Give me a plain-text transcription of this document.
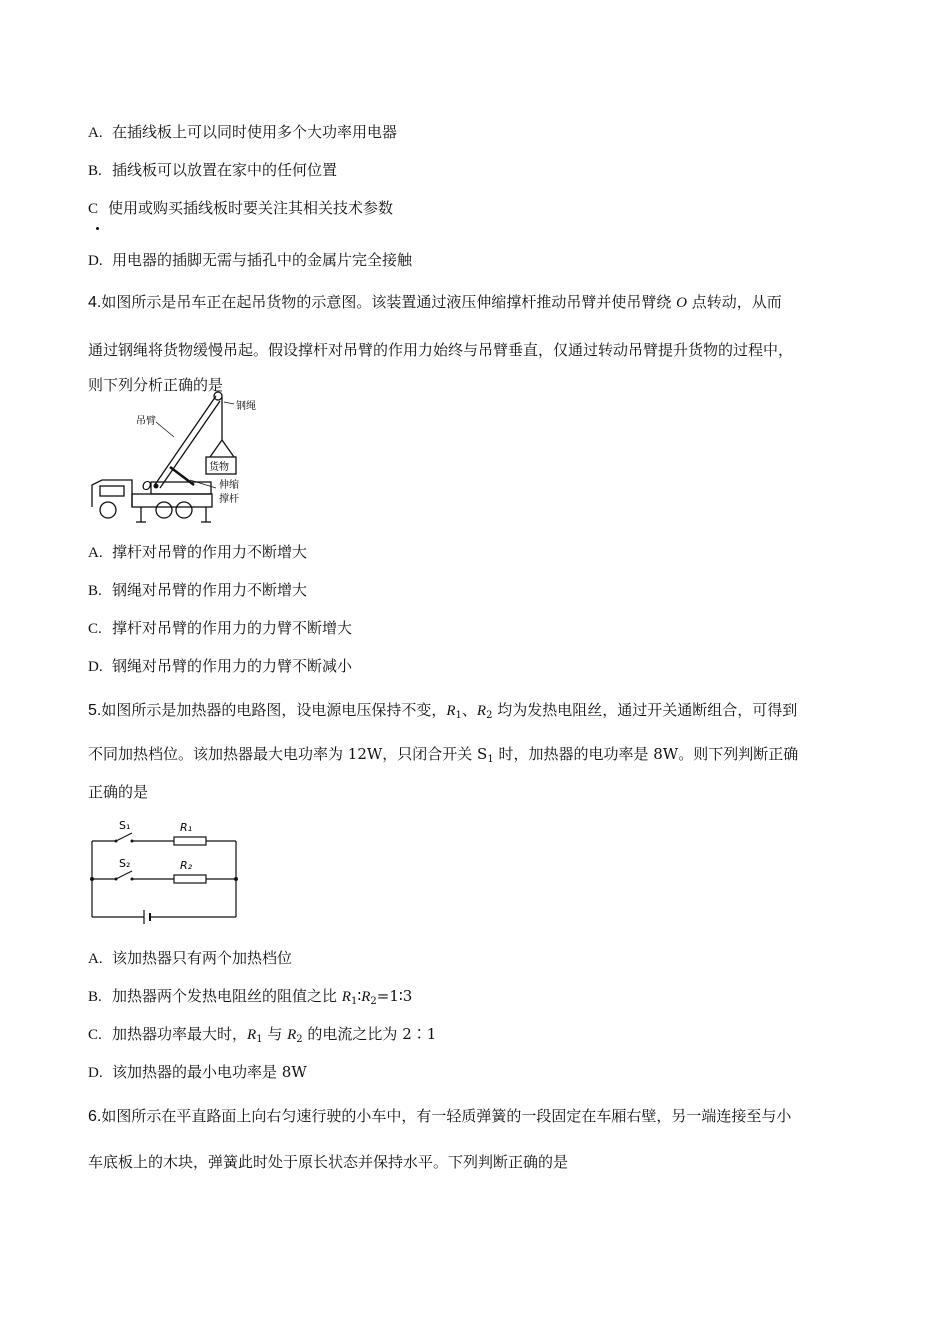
A. 在插线板上可以同时使用多个大功率用电器
B. 插线板可以放置在家中的任何位置
C 使用或购买插线板时要关注其相关技术参数
D. 用电器的插脚无需与插孔中的金属片完全接触
4.如图所示是吊车正在起吊货物的示意图。该装置通过液压伸缩撑杆推动吊臂并使吊臂绕 O 点转动，从而
通过钢绳将货物缓慢吊起。假设撑杆对吊臂的作用力始终与吊臂垂直，仅通过转动吊臂提升货物的过程中，
则下列分析正确的是
吊臂
钢绳
货物
O	伸缩
撑杆
A. 撑杆对吊臂的作用力不断增大
B. 钢绳对吊臂的作用力不断增大
C. 撑杆对吊臂的作用力的力臂不断增大
D. 钢绳对吊臂的作用力的力臂不断减小
5.如图所示是加热器的电路图，设电源电压保持不变，$R_1$、$R_2$ 均为发热电阻丝，通过开关通断组合，可得到
不同加热档位。该加热器最大电功率为 12W，只闭合开关 $S_1$ 时，加热器的电功率是 8W。则下列判断正确
正确的是
S₁	R₁
S₂	R₂
A. 该加热器只有两个加热档位
B. 加热器两个发热电阻丝的阻值之比 $R_1∶R_2=1∶3$
C. 加热器功率最大时，$R_1$ 与 $R_2$ 的电流之比为 2∶1
D. 该加热器的最小电功率是 8W
6.如图所示在平直路面上向右匀速行驶的小车中，有一轻质弹簧的一段固定在车厢右壁，另一端连接至与小
车底板上的木块，弹簧此时处于原长状态并保持水平。下列判断正确的是
